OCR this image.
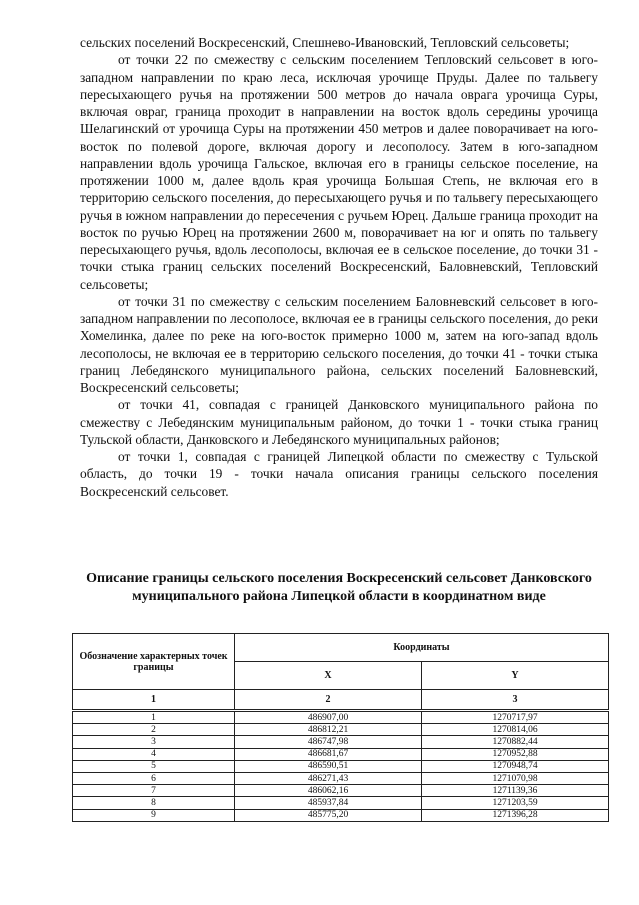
сельских поселений Воскресенский, Спешнево-Ивановский, Тепловский сельсоветы;

от точки 22 по смежеству с сельским поселением Тепловский сельсовет в юго-западном направлении по краю леса, исключая урочище Пруды. Далее по тальвегу пересыхающего ручья на протяжении 500 метров до начала оврага урочища Суры, включая овраг, граница проходит в направлении на восток вдоль середины урочища Шелагинский от урочища Суры на протяжении 450 метров и далее поворачивает на юго-восток по полевой дороге, включая дорогу и лесополосу. Затем в юго-западном направлении вдоль урочища Гальское, включая его в границы сельское поселение, на протяжении 1000 м, далее вдоль края урочища Большая Степь, не включая его в территорию сельского поселения, до пересыхающего ручья и по тальвегу пересыхающего ручья в южном направлении до пересечения с ручьем Юрец. Дальше граница проходит на восток по ручью Юрец на протяжении 2600 м, поворачивает на юг и опять по тальвегу пересыхающего ручья, вдоль лесополосы, включая ее в сельское поселение, до точки 31 - точки стыка границ сельских поселений Воскресенский, Баловневский, Тепловский сельсоветы;

от точки 31 по смежеству с сельским поселением Баловневский сельсовет в юго-западном направлении по лесополосе, включая ее в границы сельского поселения, до реки Хомелинка, далее по реке на юго-восток примерно 1000 м, затем на юго-запад вдоль лесополосы, не включая ее в территорию сельского поселения, до точки 41 - точки стыка границ Лебедянского муниципального района, сельских поселений Баловневский, Воскресенский сельсоветы;

от точки 41, совпадая с границей Данковского муниципального района по смежеству с Лебедянским муниципальным районом, до точки 1 - точки стыка границ Тульской области, Данковского и Лебедянского муниципальных районов;

от точки 1, совпадая с границей Липецкой области по смежеству с Тульской область, до точки 19 - точки начала описания границы сельского поселения Воскресенский сельсовет.

Описание границы сельского поселения Воскресенский сельсовет Данковского муниципального района Липецкой области в координатном виде

Обозначение характерных точек границы	Координаты	
	X	Y
1	2	3
1	486907,00	1270717,97
2	486812,21	1270814,06
3	486747,98	1270882,44
4	486681,67	1270952,88
5	486590,51	1270948,74
6	486271,43	1271070,98
7	486062,16	1271139,36
8	485937,84	1271203,59
9	485775,20	1271396,28
